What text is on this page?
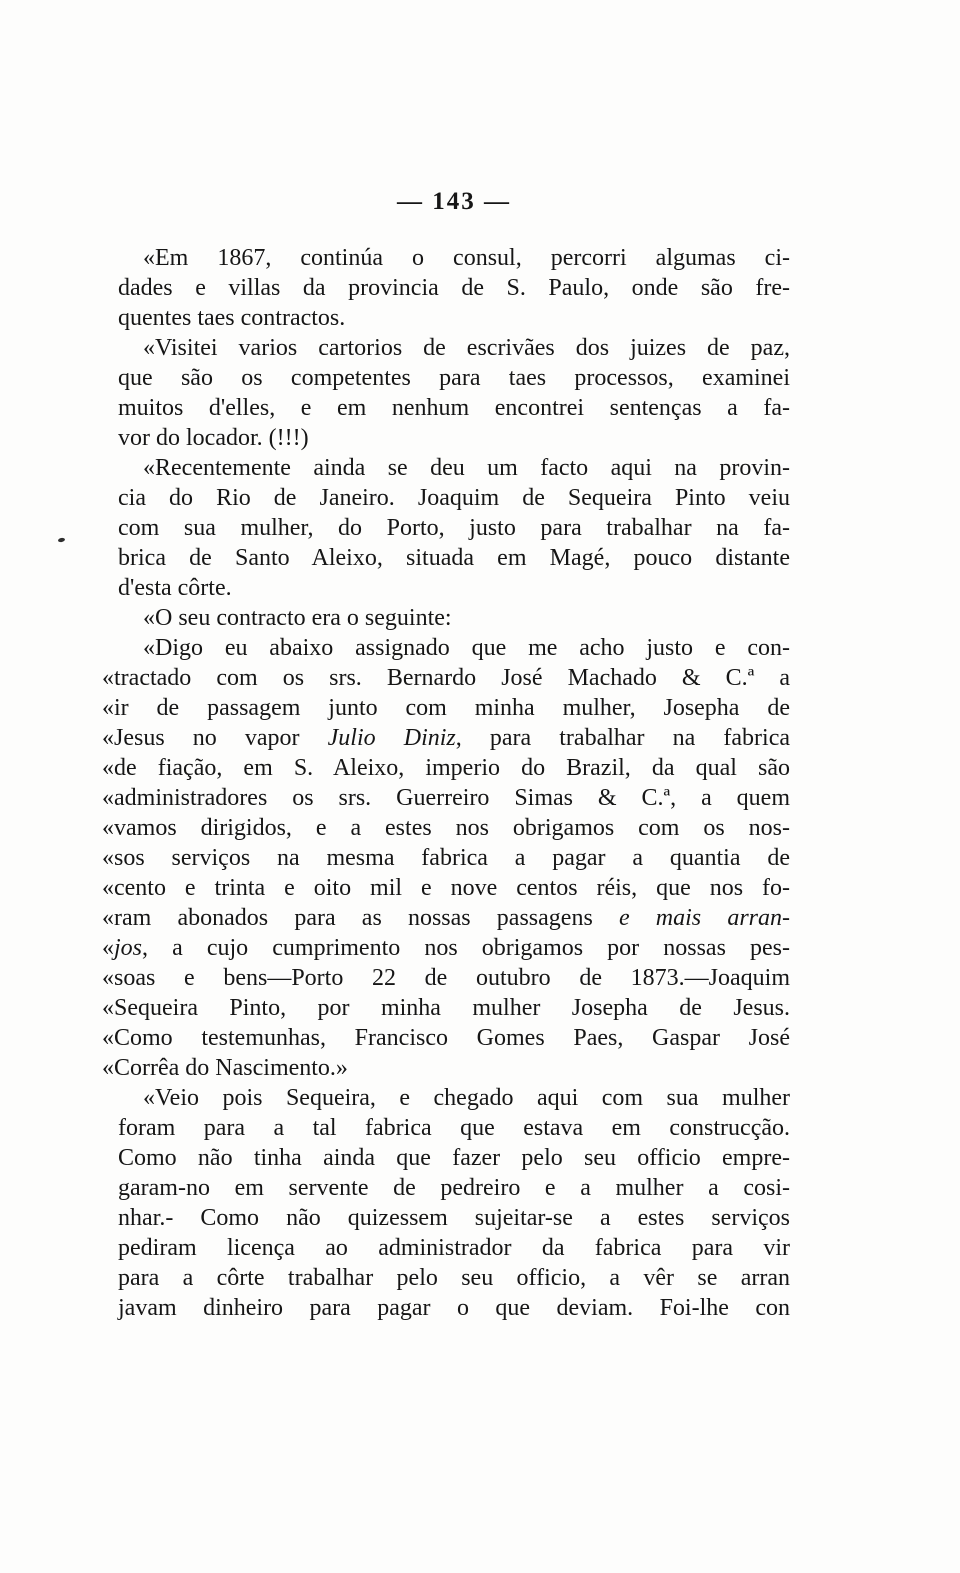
— 143 —
«Em 1867, continúa o consul, percorri algumas ci-
dades e villas da provincia de S. Paulo, onde são fre-
quentes taes contractos.
«Visitei varios cartorios de escrivães dos juizes de paz,
que são os competentes para taes processos, examinei
muitos d'elles, e em nenhum encontrei sentenças a fa-
vor do locador. (!!!)
«Recentemente ainda se deu um facto aqui na provin-
cia do Rio de Janeiro. Joaquim de Sequeira Pinto veiu
com sua mulher, do Porto, justo para trabalhar na fa-
brica de Santo Aleixo, situada em Magé, pouco distante
d'esta côrte.
«O seu contracto era o seguinte:
«Digo eu abaixo assignado que me acho justo e con-
«tractado com os srs. Bernardo José Machado & C.ª a
«ir de passagem junto com minha mulher, Josepha de
«Jesus no vapor Julio Diniz, para trabalhar na fabrica
«de fiação, em S. Aleixo, imperio do Brazil, da qual são
«administradores os srs. Guerreiro Simas & C.ª, a quem
«vamos dirigidos, e a estes nos obrigamos com os nos-
«sos serviços na mesma fabrica a pagar a quantia de
«cento e trinta e oito mil e nove centos réis, que nos fo-
«ram abonados para as nossas passagens e mais arran-
«jos, a cujo cumprimento nos obrigamos por nossas pes-
«soas e bens—Porto 22 de outubro de 1873.—Joaquim
«Sequeira Pinto, por minha mulher Josepha de Jesus.
«Como testemunhas, Francisco Gomes Paes, Gaspar José
«Corrêa do Nascimento.»
«Veio pois Sequeira, e chegado aqui com sua mulher
foram para a tal fabrica que estava em construcção.
Como não tinha ainda que fazer pelo seu officio empre-
garam-no em servente de pedreiro e a mulher a cosi-
nhar.- Como não quizessem sujeitar-se a estes serviços
pediram licença ao administrador da fabrica para vir
para a côrte trabalhar pelo seu officio, a vêr se arran
javam dinheiro para pagar o que deviam. Foi-lhe con
